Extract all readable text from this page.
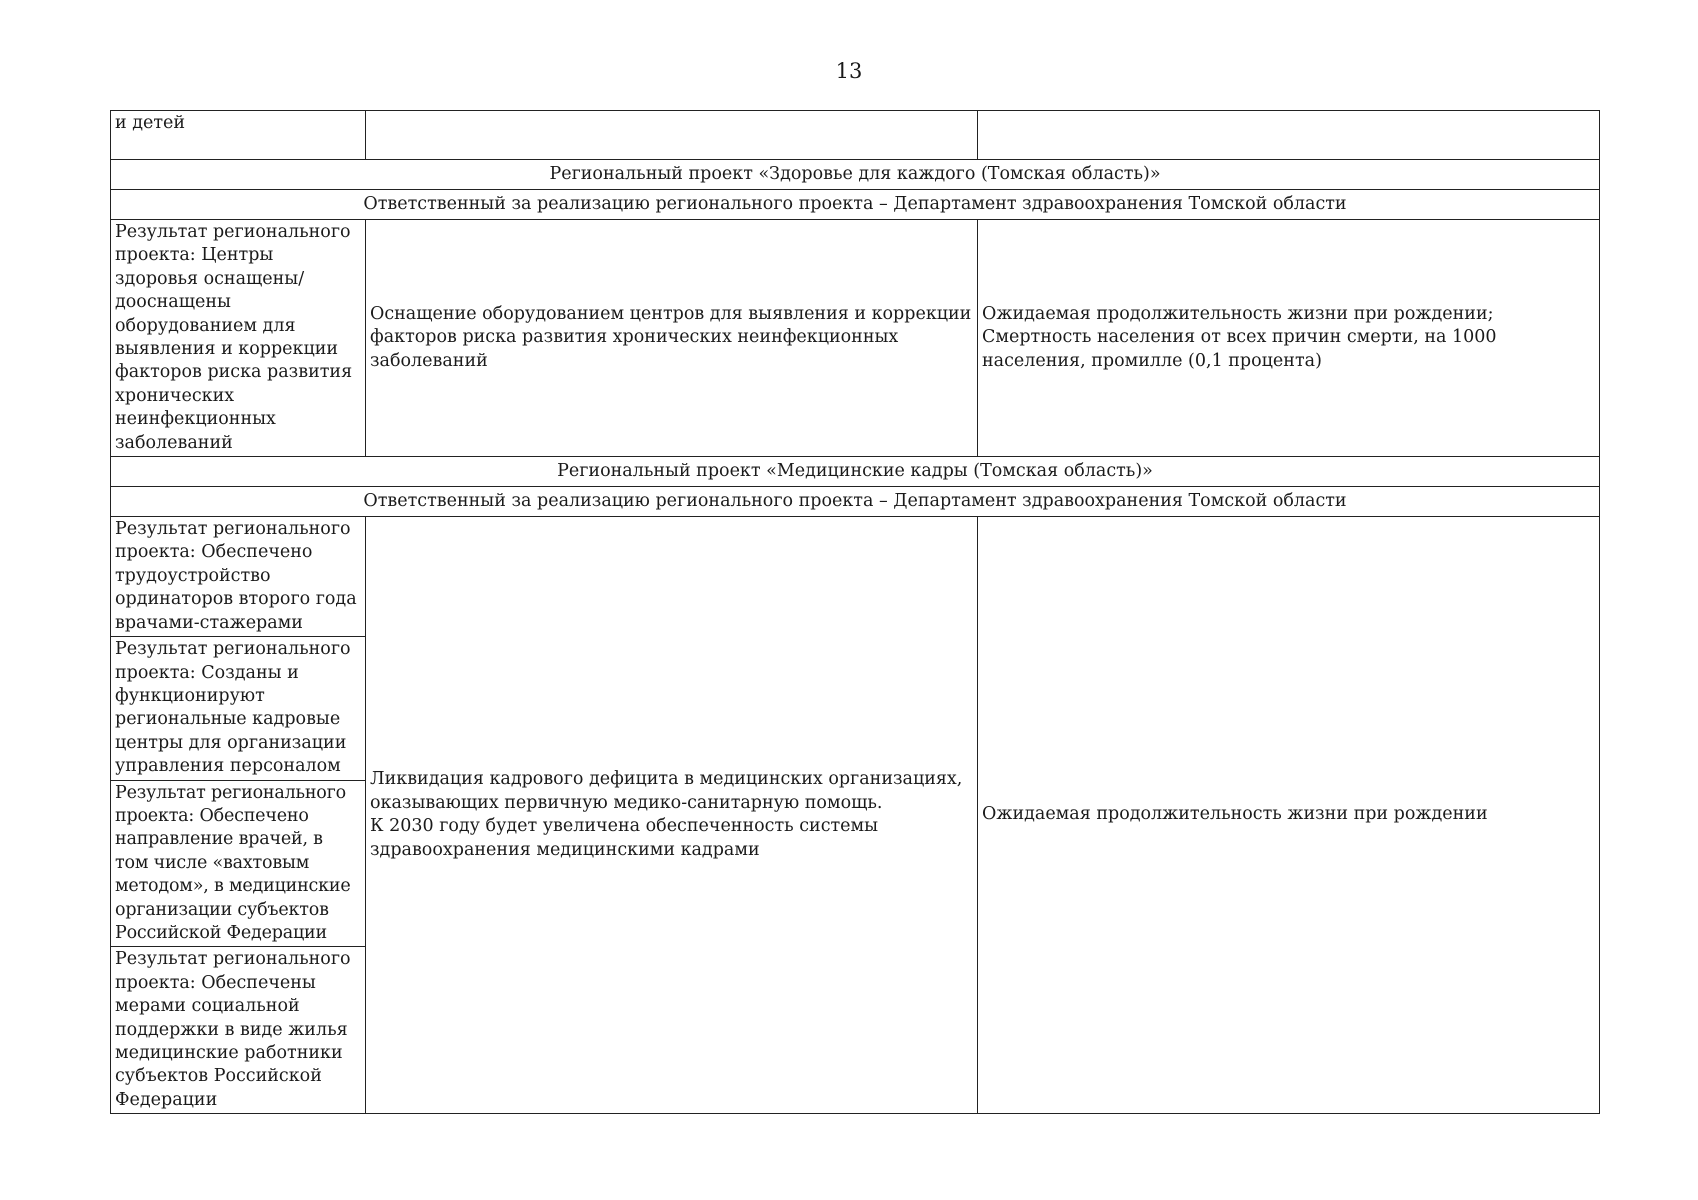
13
и детей		
Региональный проект «Здоровье для каждого (Томская область)»		
Ответственный за реализацию регионального проекта – Департамент здравоохранения Томской области		
Результат регионального проекта: Центры здоровья оснащены/дооснащены оборудованием для выявления и коррекции факторов риска развития хронических неинфекционных заболеваний	Оснащение оборудованием центров для выявления и коррекции факторов риска развития хронических неинфекционных заболеваний	Ожидаемая продолжительность жизни при рождении;
Смертность населения от всех причин смерти, на 1000 населения, промилле (0,1 процента)
Региональный проект «Медицинские кадры (Томская область)»		
Ответственный за реализацию регионального проекта – Департамент здравоохранения Томской области		
Результат регионального проекта: Обеспечено трудоустройство ординаторов второго года врачами-стажерами	Ликвидация кадрового дефицита в медицинских организациях, оказывающих первичную медико-санитарную помощь.
К 2030 году будет увеличена обеспеченность системы здравоохранения медицинскими кадрами	Ожидаемая продолжительность жизни при рождении
Результат регионального проекта: Созданы и функционируют региональные кадровые центры для организации управления персоналом		
Результат регионального проекта: Обеспечено направление врачей, в том числе «вахтовым методом», в медицинские организации субъектов Российской Федерации		
Результат регионального проекта: Обеспечены мерами социальной поддержки в виде жилья медицинские работники субъектов Российской Федерации		
